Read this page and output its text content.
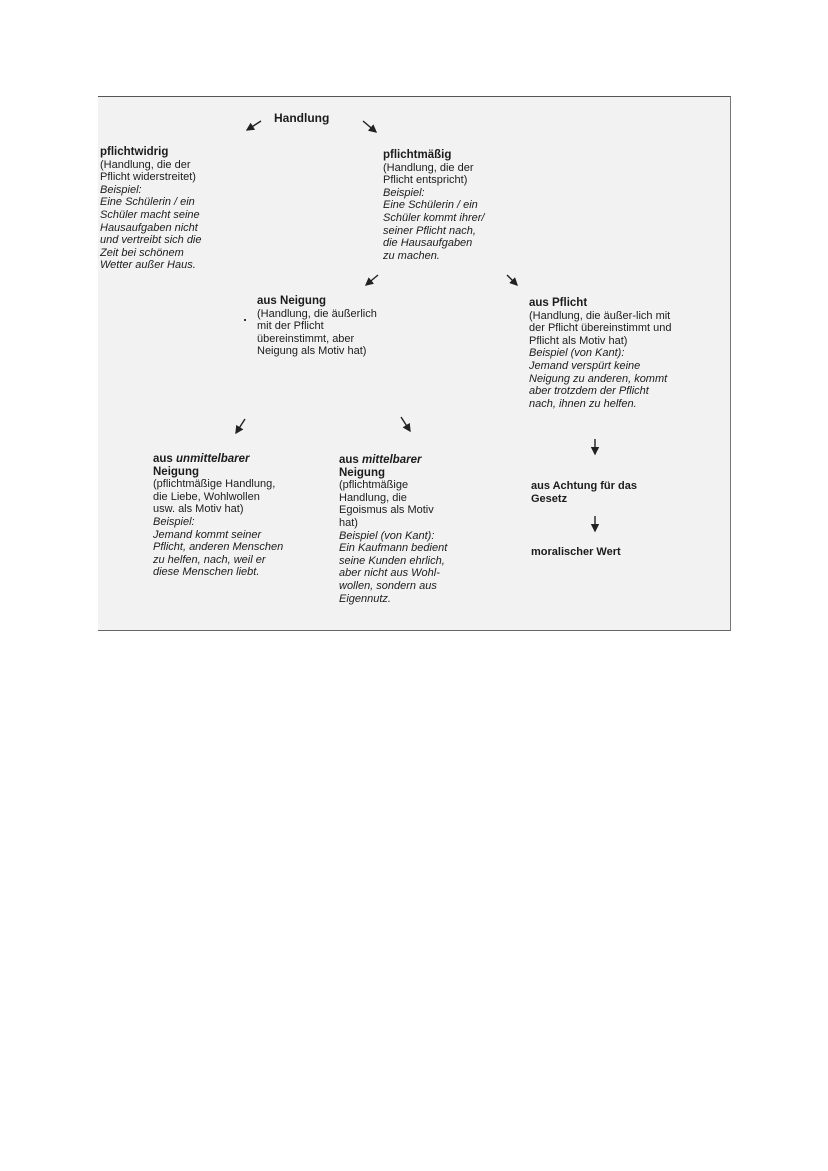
Handlung
pflichtwidrig
(Handlung, die der
Pflicht widerstreitet)
Beispiel:
Eine Schülerin / ein
Schüler macht seine
Hausaufgaben nicht
und vertreibt sich die
Zeit bei schönem
Wetter außer Haus.
pflichtmäßig
(Handlung, die der
Pflicht entspricht)
Beispiel:
Eine Schülerin / ein
Schüler kommt ihrer/
seiner Pflicht nach,
die Hausaufgaben
zu machen.
aus Neigung
(Handlung, die äußerlich
mit der Pflicht
übereinstimmt, aber
Neigung als Motiv hat)
aus Pflicht
(Handlung, die äußer-lich mit
der Pflicht übereinstimmt und
Pflicht als Motiv hat)
Beispiel (von Kant):
Jemand verspürt keine
Neigung zu anderen, kommt
aber trotzdem der Pflicht
nach, ihnen zu helfen.
aus unmittelbarer
Neigung
(pflichtmäßige Handlung,
die Liebe, Wohlwollen
usw. als Motiv hat)
Beispiel:
Jemand kommt seiner
Pflicht, anderen Menschen
zu helfen, nach, weil er
diese Menschen liebt.
aus mittelbarer
Neigung
(pflichtmäßige
Handlung, die
Egoismus als Motiv
hat)
Beispiel (von Kant):
Ein Kaufmann bedient
seine Kunden ehrlich,
aber nicht aus Wohl-
wollen, sondern aus
Eigennutz.
aus Achtung für das
Gesetz
moralischer Wert
